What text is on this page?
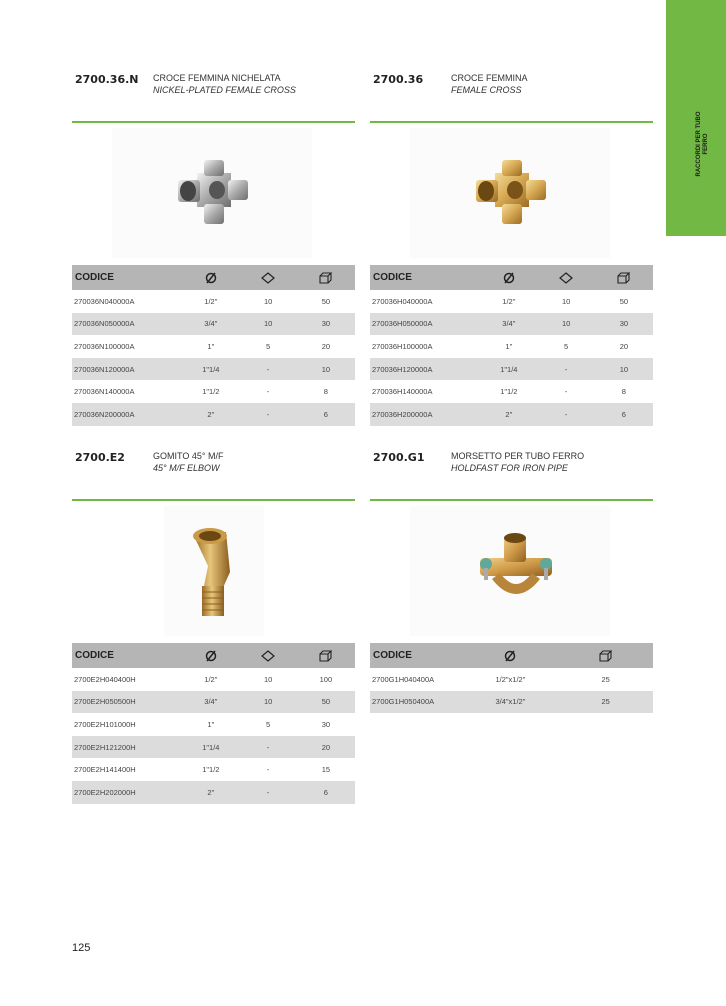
RACCORDI PER TUBO FERRO
2700.36.N CROCE FEMMINA NICHELATA
NICKEL-PLATED FEMALE CROSS
CODICE			
270036N040000A	1/2"	10	50
270036N050000A	3/4"	10	30
270036N100000A	1"	5	20
270036N120000A	1"1/4	-	10
270036N140000A	1"1/2	-	8
270036N200000A	2"	-	6
2700.36	CROCE FEMMINA
FEMALE CROSS
CODICE			
270036H040000A	1/2"	10	50
270036H050000A	3/4"	10	30
270036H100000A	1"	5	20
270036H120000A	1"1/4	-	10
270036H140000A	1"1/2	-	8
270036H200000A	2"	-	6
2700.E2	GOMITO 45° M/F
45° M/F ELBOW
CODICE			
2700E2H040400H	1/2"	10	100
2700E2H050500H	3/4"	10	50
2700E2H101000H	1"	5	30
2700E2H121200H	1"1/4	-	20
2700E2H141400H	1"1/2	-	15
2700E2H202000H	2"	-	6
2700.G1	MORSETTO PER TUBO FERRO
HOLDFAST FOR IRON PIPE
CODICE		
2700G1H040400A	1/2"x1/2"	25
2700G1H050400A	3/4"x1/2"	25
125
